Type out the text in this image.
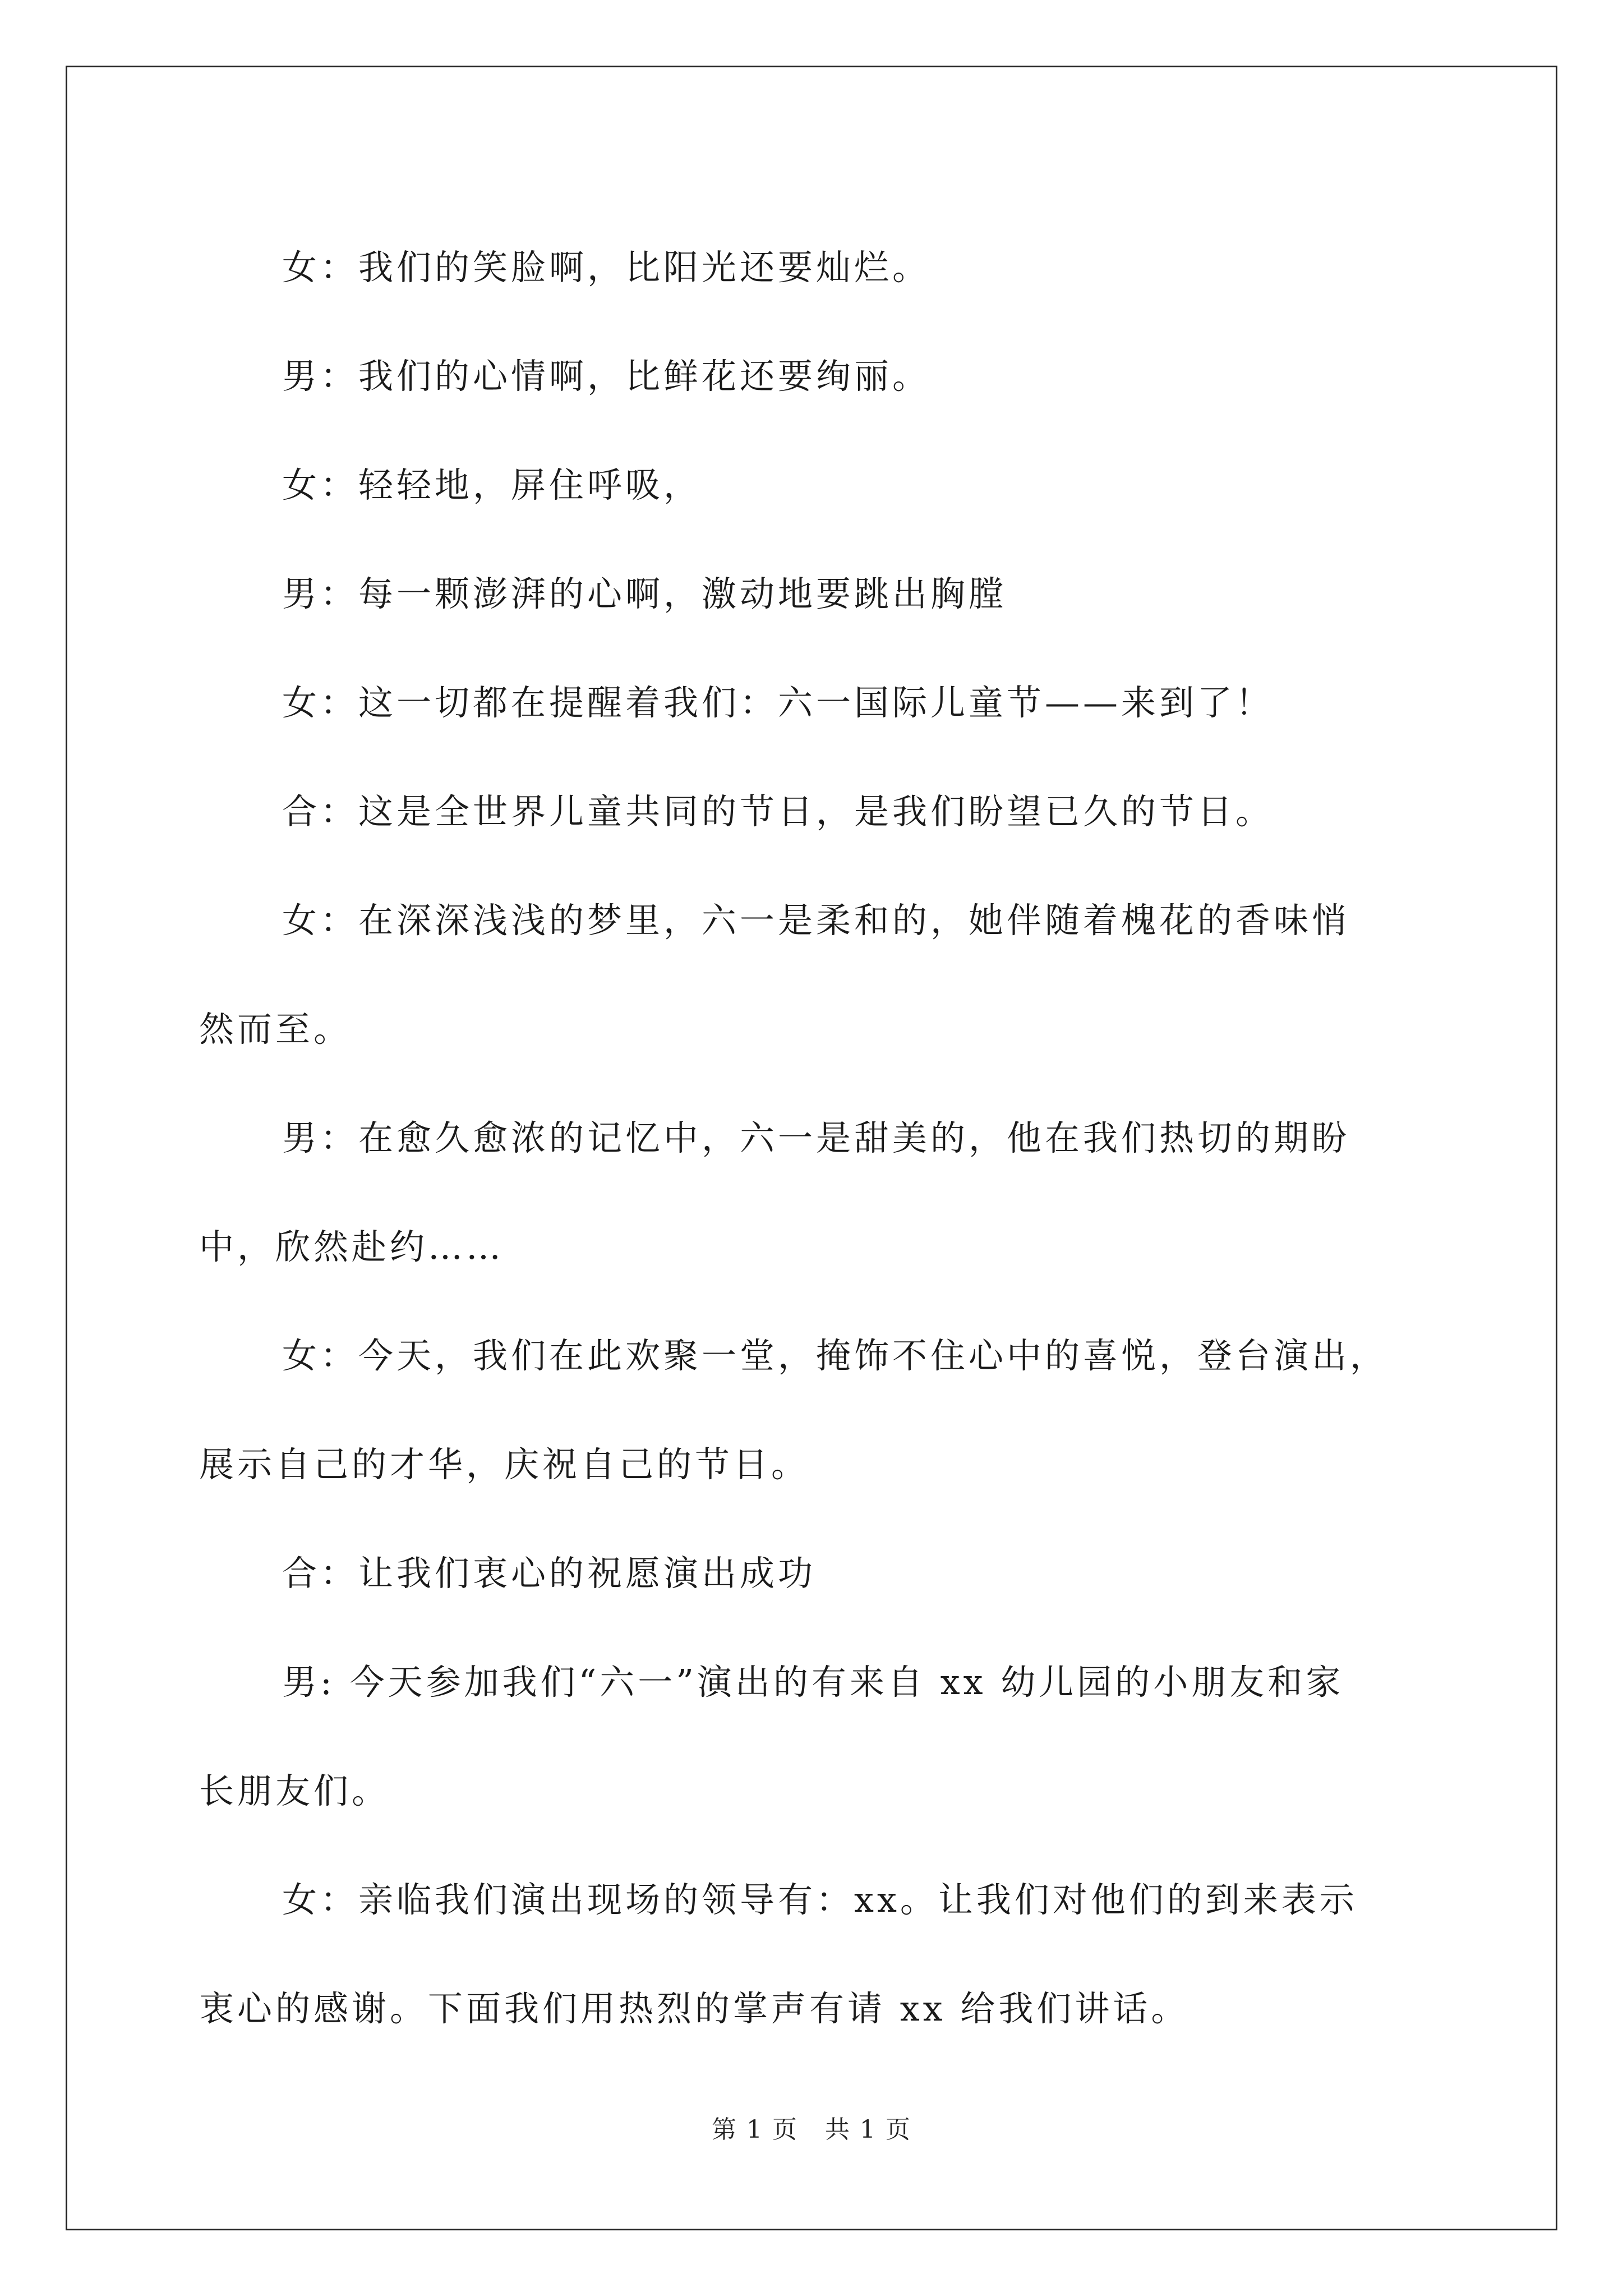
女：我们的笑脸啊，比阳光还要灿烂。

男：我们的心情啊，比鲜花还要绚丽。

女：轻轻地，屏住呼吸，

男：每一颗澎湃的心啊，激动地要跳出胸膛

女：这一切都在提醒着我们：六一国际儿童节——来到了！

合：这是全世界儿童共同的节日，是我们盼望已久的节日。

女：在深深浅浅的梦里，六一是柔和的，她伴随着槐花的香味悄
然而至。

男：在愈久愈浓的记忆中，六一是甜美的，他在我们热切的期盼
中，欣然赴约……

女：今天，我们在此欢聚一堂，掩饰不住心中的喜悦，登台演出，
展示自己的才华，庆祝自己的节日。

合：让我们衷心的祝愿演出成功

男: 今天参加我们“六一”演出的有来自 xx 幼儿园的小朋友和家
长朋友们。

女：亲临我们演出现场的领导有：xx。让我们对他们的到来表示
衷心的感谢。下面我们用热烈的掌声有请 xx 给我们讲话。

第 1 页 共 1 页
